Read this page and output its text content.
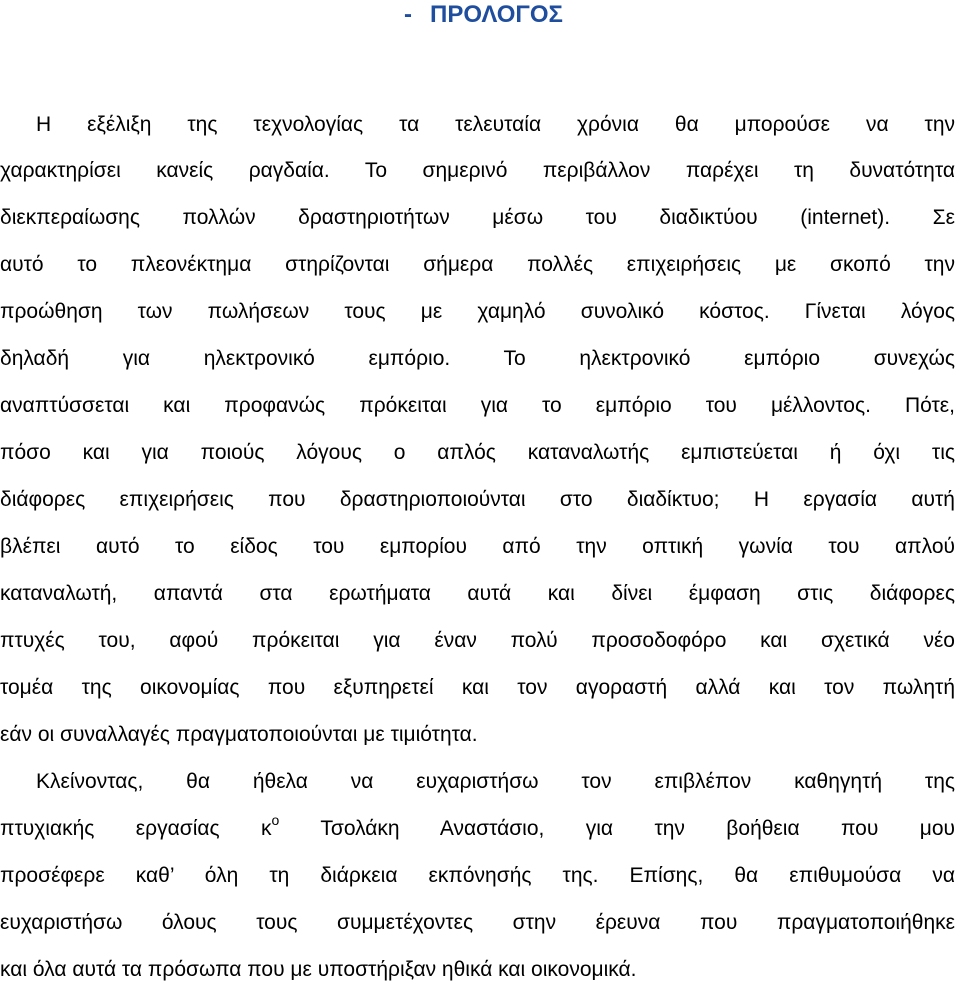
- ΠΡΟΛΟΓΟΣ
Η εξέλιξη της τεχνολογίας τα τελευταία χρόνια θα μπορούσε να την
χαρακτηρίσει κανείς ραγδαία. Το σημερινό περιβάλλον παρέχει τη δυνατότητα
διεκπεραίωσης πολλών δραστηριοτήτων μέσω του διαδικτύου (internet). Σε
αυτό το πλεονέκτημα στηρίζονται σήμερα πολλές επιχειρήσεις με σκοπό την
προώθηση των πωλήσεων τους με χαμηλό συνολικό κόστος. Γίνεται λόγος
δηλαδή για ηλεκτρονικό εμπόριο. Το ηλεκτρονικό εμπόριο συνεχώς
αναπτύσσεται και προφανώς πρόκειται για το εμπόριο του μέλλοντος. Πότε,
πόσο και για ποιούς λόγους ο απλός καταναλωτής εμπιστεύεται ή όχι τις
διάφορες επιχειρήσεις που δραστηριοποιούνται στο διαδίκτυο; Η εργασία αυτή
βλέπει αυτό το είδος του εμπορίου από την οπτική γωνία του απλού
καταναλωτή, απαντά στα ερωτήματα αυτά και δίνει έμφαση στις διάφορες
πτυχές του, αφού πρόκειται για έναν πολύ προσοδοφόρο και σχετικά νέο
τομέα της οικονομίας που εξυπηρετεί και τον αγοραστή αλλά και τον πωλητή
εάν οι συναλλαγές πραγματοποιούνται με τιμιότητα.
Κλείνοντας, θα ήθελα να ευχαριστήσω τον επιβλέπον καθηγητή της
πτυχιακής εργασίας $\kappa^o$ Τσολάκη Αναστάσιο, για την βοήθεια που μου
προσέφερε καθ’ όλη τη διάρκεια εκπόνησής της. Επίσης, θα επιθυμούσα να
ευχαριστήσω όλους τους συμμετέχοντες στην έρευνα που πραγματοποιήθηκε
και όλα αυτά τα πρόσωπα που με υποστήριξαν ηθικά και οικονομικά.
